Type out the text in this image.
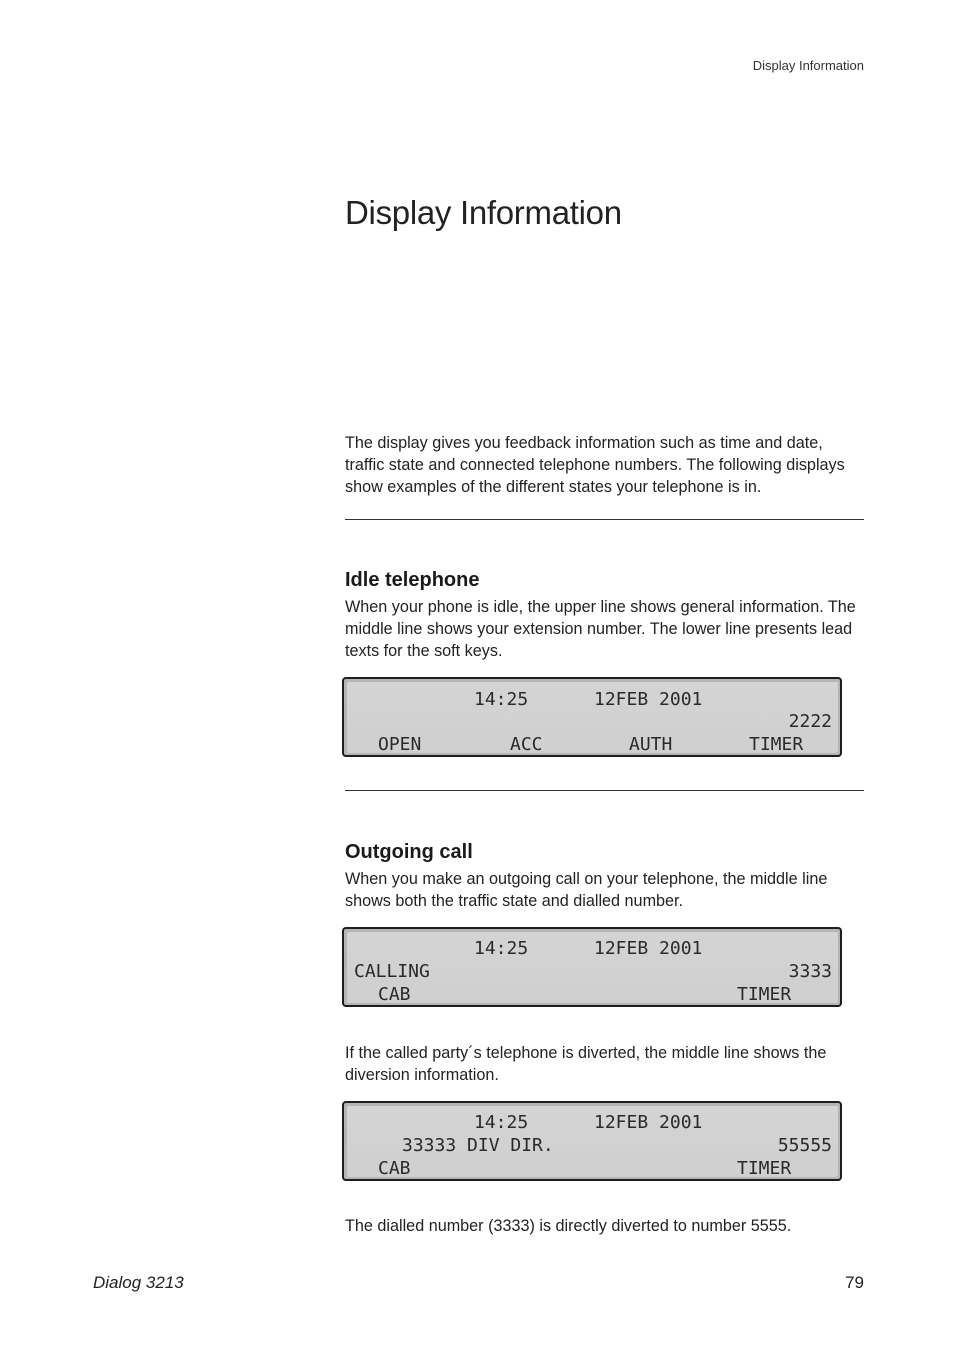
Display Information
Display Information

The display gives you feedback information such as time and date, traffic state and connected telephone numbers. The following displays show examples of the different states your telephone is in.

Idle telephone

When your phone is idle, the upper line shows general information. The middle line shows your extension number. The lower line presents lead texts for the soft keys.

14:25

	12FEB 2001

2222

OPEN

	ACC

	AUTH

	TIMER

Outgoing call

When you make an outgoing call on your telephone, the middle line shows both the traffic state and dialled number.

14:25

	12FEB 2001

CALLING

	3333

CAB

	TIMER

If the called party´s telephone is diverted, the middle line shows the diversion information.

14:25

	12FEB 2001

33333 DIV DIR.

	55555

CAB

	TIMER

The dialled number (3333) is directly diverted to number 5555.

Dialog 3213	79
